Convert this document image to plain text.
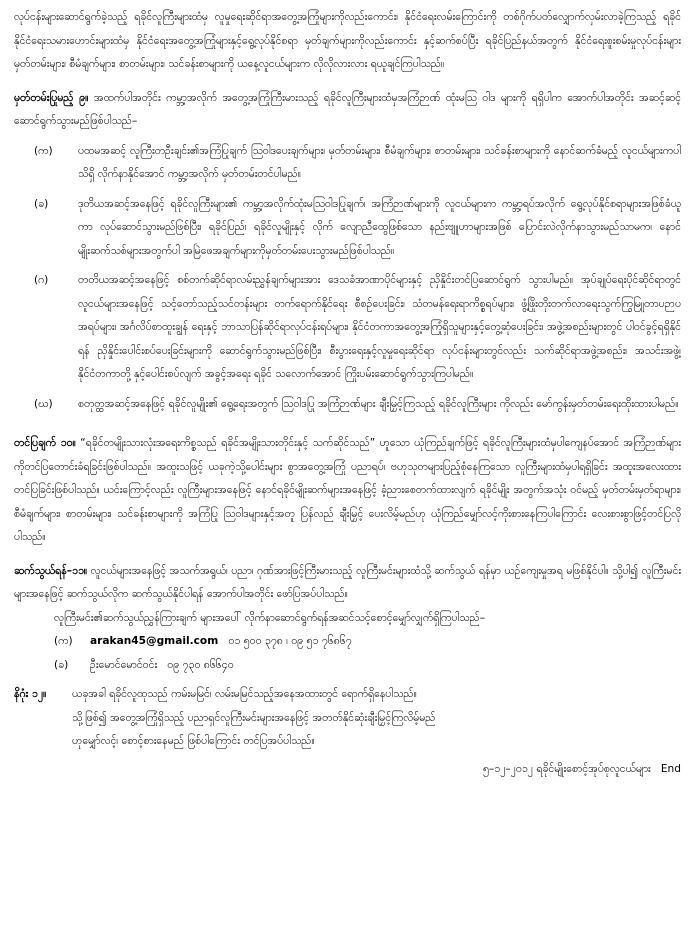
လုပ်ငန်းများဆောင်ရွက်ခဲ့သည့် ရခိုင်လူကြီးများထံမှ လူမှုရေးဆိုင်ရာအတွေ့အကြုံများကိုလည်းကောင်း၊ နိုင်ငံရေးလမ်းကြောင်းကို တစ်ဂိုက်ပတ်လျှောက်လှမ်းလာခဲ့ကြသည့် ရခိုင်နိုင်ငံရေးသမားဟောင်းများထံမှ နိုင်ငံရေးအတွေ့အကြုံများနှင့်ရွေ့လုပ်နိုင်စရာ မှတ်ချက်များကိုလည်းကောင်း နှင့်ဆက်စပ်ပြီး ရခိုင်ပြည်နယ်အတွက် နိုင်ငံရေးစူးစမ်းမှုလုပ်ငန်းများ မှတ်တမ်းများ၊ စီမံချက်များ၊ စာတမ်းများ၊ သင်ခန်းစာများကို ယနေ့လူငယ်များက လိုလိုလားလား ရယူချင်ကြပါသည်။

မှတ်တမ်းပြုမည့် ၉။ အထက်ပါအတိုင်း ကမ္ဘာ့အလိုက် အတွေ့အကြုံကြီးမားသည့် ရခိုင်လူကြီးများထံမှအကြံဉာဏ် ထုံးမသြ ဝါဒ များကို ရရှိပါက အောက်ပါအတိုင်း အဆင့်ဆင့်ဆောင်ရွက်သွားမည်ဖြစ်ပါသည်–

(က)	ပထမအဆင့် လူကြီးတဦးချင်း၏အကြံပြုချက် ဩဝါဒပေးချက်များ၊ မှတ်တမ်းများ၊ စီမံချက်များ၊ စာတမ်းများ၊ သင်ခန်းစာများကို နောင်ဆက်ခံမည့် လူငယ်များကပါသိရှိ လိုက်နာနိုင်အောင် ကမ္ဘာ့အလိုက် မှတ်တမ်းတင်ပါမည်။
(ခ)	ဒုတိယအဆင့်အနေဖြင့် ရခိုင်လူကြီးများ၏ ကမ္ဘာ့အလိုက်ထုံးမသြဝါဒပြုချက်၊ အကြံဉာဏ်များကို လူငယ်များက ကမ္ဘာ့ရပ်အလိုက် ရွေ့လုပ်နိုင်စရာများအဖြစ်ခံယူကာ လုပ်ဆောင်သွားမည်ဖြစ်ပြီး၊ ရခိုင်ပြည်၊ ရခိုင်လူမျိုးနှင့် လိုက် လျောညီထွေဖြစ်သော နည်းဗျူဟာများအဖြစ် ပြောင်းလဲလိုက်နာသွားမည်သာမက၊ နောင်မျိုးဆက်သစ်များအတွက်ပါ အမြဲဖေအချက်များကိုမှတ်တမ်းပေးသွားမည်ဖြစ်ပါသည်။
(ဂ)	တတိယအဆင့်အနေဖြင့် စစ်တက်ဆိုင်ရာလမ်းညွှန်ချက်များအား ဒေသခံအာဏာပိုင်များနှင့် ညှိနှိုင်းတင်ပြဆောင်ရွက် သွားပါမည်။ အုပ်ချုပ်ရေးပိုင်ဆိုင်ရာတွင် လူငယ်များအနေဖြင့် သင့်တော်သည့်သင်တန်းများ တက်ရောက်နိုင်ရေး စီစဉ်ပေးခြင်း၊ သံတမန်ရေးရာကိစ္စရပ်များ၊ ဖွံ့ဖြိုးတိုးတက်လာရေးသွက်ကြွမြူတာပဉာပအရပ်များ၊ အင်္ဂလိပ်စာထူးချွန် ရေးနှင့် ဘာသာပြန်ဆိုင်ရာလုပ်ငန်းရပ်များ၊ နိုင်ငံတကာအတွေ့အကြုံရှိသူများနှင့်တွေ့ဆုံပေးခြင်း၊ အဖွဲ့အစည်းများတွင် ပါဝင်ခွင့်ရရှိနိုင်ရန် ညှိနှိုင်းပေါင်းစပ်ပေးခြင်းများကို ဆောင်ရွက်သွားမည်ဖြစ်ပြီး၊ စီးပွားရေးနှင့်လူမှုရေးဆိုင်ရာ လုပ်ငန်းများတွင်လည်း သက်ဆိုင်ရာအဖွဲ့အစည်း၊ အသင်းအဖွဲ့၊ နိုင်ငံတကာတို့ နှင့်ပေါင်းစပ်လျက် အခွင့်အရေး ရခိုင် သလောက်အောင် ကြိုးပမ်းဆောင်ရွက်သွားကြပါမည်။
(ဃ)	စတုတ္ထအဆင့်အနေဖြင့် ရခိုင်လူမျိုး၏ ရွေ့ရေးအတွက် ဩဝါဒပြု အကြံဉာဏ်များ ချီးမြှင့်ကြသည့် ရခိုင်လူကြီးများ ကိုလည်း မော်ကွန်းမှတ်တမ်းရေးထိုးထားပါမည်။

တင်ပြချက် ၁၀။ “ရခိုင်တမျိုးသားလုံးအရေးကိစ္စသည် ရခိုင်အမျိုးသားတိုင်းနှင့် သက်ဆိုင်သည်” ဟူသော ယုံကြည်ချက်ဖြင့် ရခိုင်လူကြီးများထံမှပါကျေနပ်အောင် အကြံဉာဏ်များကိုတင်ပြတောင်းခံရခြင်းဖြစ်ပါသည်။ အထူးသဖြင့် ယခုကဲ့သို့ပေါင်းများ စွာအတွေ့အကြုံ ပညာရပ်၊ ဗဟုသုတများပြည့်စုံနေကြသော လူကြီးများထံမှပါရရှိခြင်း အထူးအလေးထားတင်ပြခြင်းဖြစ်ပါသည်။ ယင်းကြောင့်လည်း လူကြီးများအနေဖြင့် နောင်ရခိုင်မျိုးဆက်များအနေဖြင့် ခံ့ညားစေတက်ထားလျက် ရခိုင်မျိုး အတွက်အသုံး ဝင်မည့် မှတ်တမ်းမှတ်ရာများ၊ စီမံချက်များ၊ စာတမ်းများ၊ သင်ခန်းစာများကို အကြံပြု ဩဝါဒများနှင့်အတူ ပြန်လည် ချီးမြှင့် ပေးလိမ့်မည်ဟု ယုံကြည်မျှော်လင့်ကိုးစားနေကြပါကြောင်း လေးစားစွာဖြင့်တင်ပြလိုပါသည်။

ဆက်သွယ်ရန်–၁၁။ လူငယ်များအနေဖြင့် အသက်အရွယ်၊ ပညာ၊ ဂုဏ်အားဖြင့်ကြီးမားသည့် လူကြီးမင်းများထံသို့ ဆက်သွယ် ရန်မှာ ယဉ်ကျေးမှုအရ မဖြစ်နိုင်ပါ။ သို့ပါ၍ လူကြီးမင်းများအနေဖြင့် ဆက်သွယ်လိုက ဆက်သွယ်နိုင်ပါရန် အောက်ပါအတိုင်း ဖော်ပြအပ်ပါသည်။

လူကြီးမင်း၏ဆက်သွယ်ညွှန်ကြားချက် များအပေါ် လိုက်နာဆောင်ရွက်ရန်အဆင်သင့်စောင့်မျှော်လျှက်ရှိကြပါသည်–

(က)	arakan45@gmail.com ၀၁ ၅၀၀ ၃၇၈ ၊ ၀၉ ၅၁ ၇၆၈၆၇
(ခ)	ဦးမောင်မောင်ဝင်း ၀၉ ၇၃၀ ၈၆၆၄၀
နိဂုံး ၁၂။	ယခုအခါ ရခိုင်လူထုသည် ကမ်းမမြင်၊ လမ်းမမြင်သည့်အနေအထားတွင် ရောက်ရှိနေပါသည်။

သို့ဖြစ်၍ အတွေ့အကြုံရှိသည့် ပညာရှင်လူကြီးမင်းများအနေဖြင့် အတတ်နိုင်ဆုံးချီးမြှင့်ကြလိမ့်မည်

ဟုမျှော်လင့်၊ စောင့်စားနေမည် ဖြစ်ပါကြောင်း တင်ပြအပ်ပါသည်။

၅–၁၂–၂၀၁၂ ရခိုင်မျိုးစောင့်အုပ်စုလူငယ်များ End
